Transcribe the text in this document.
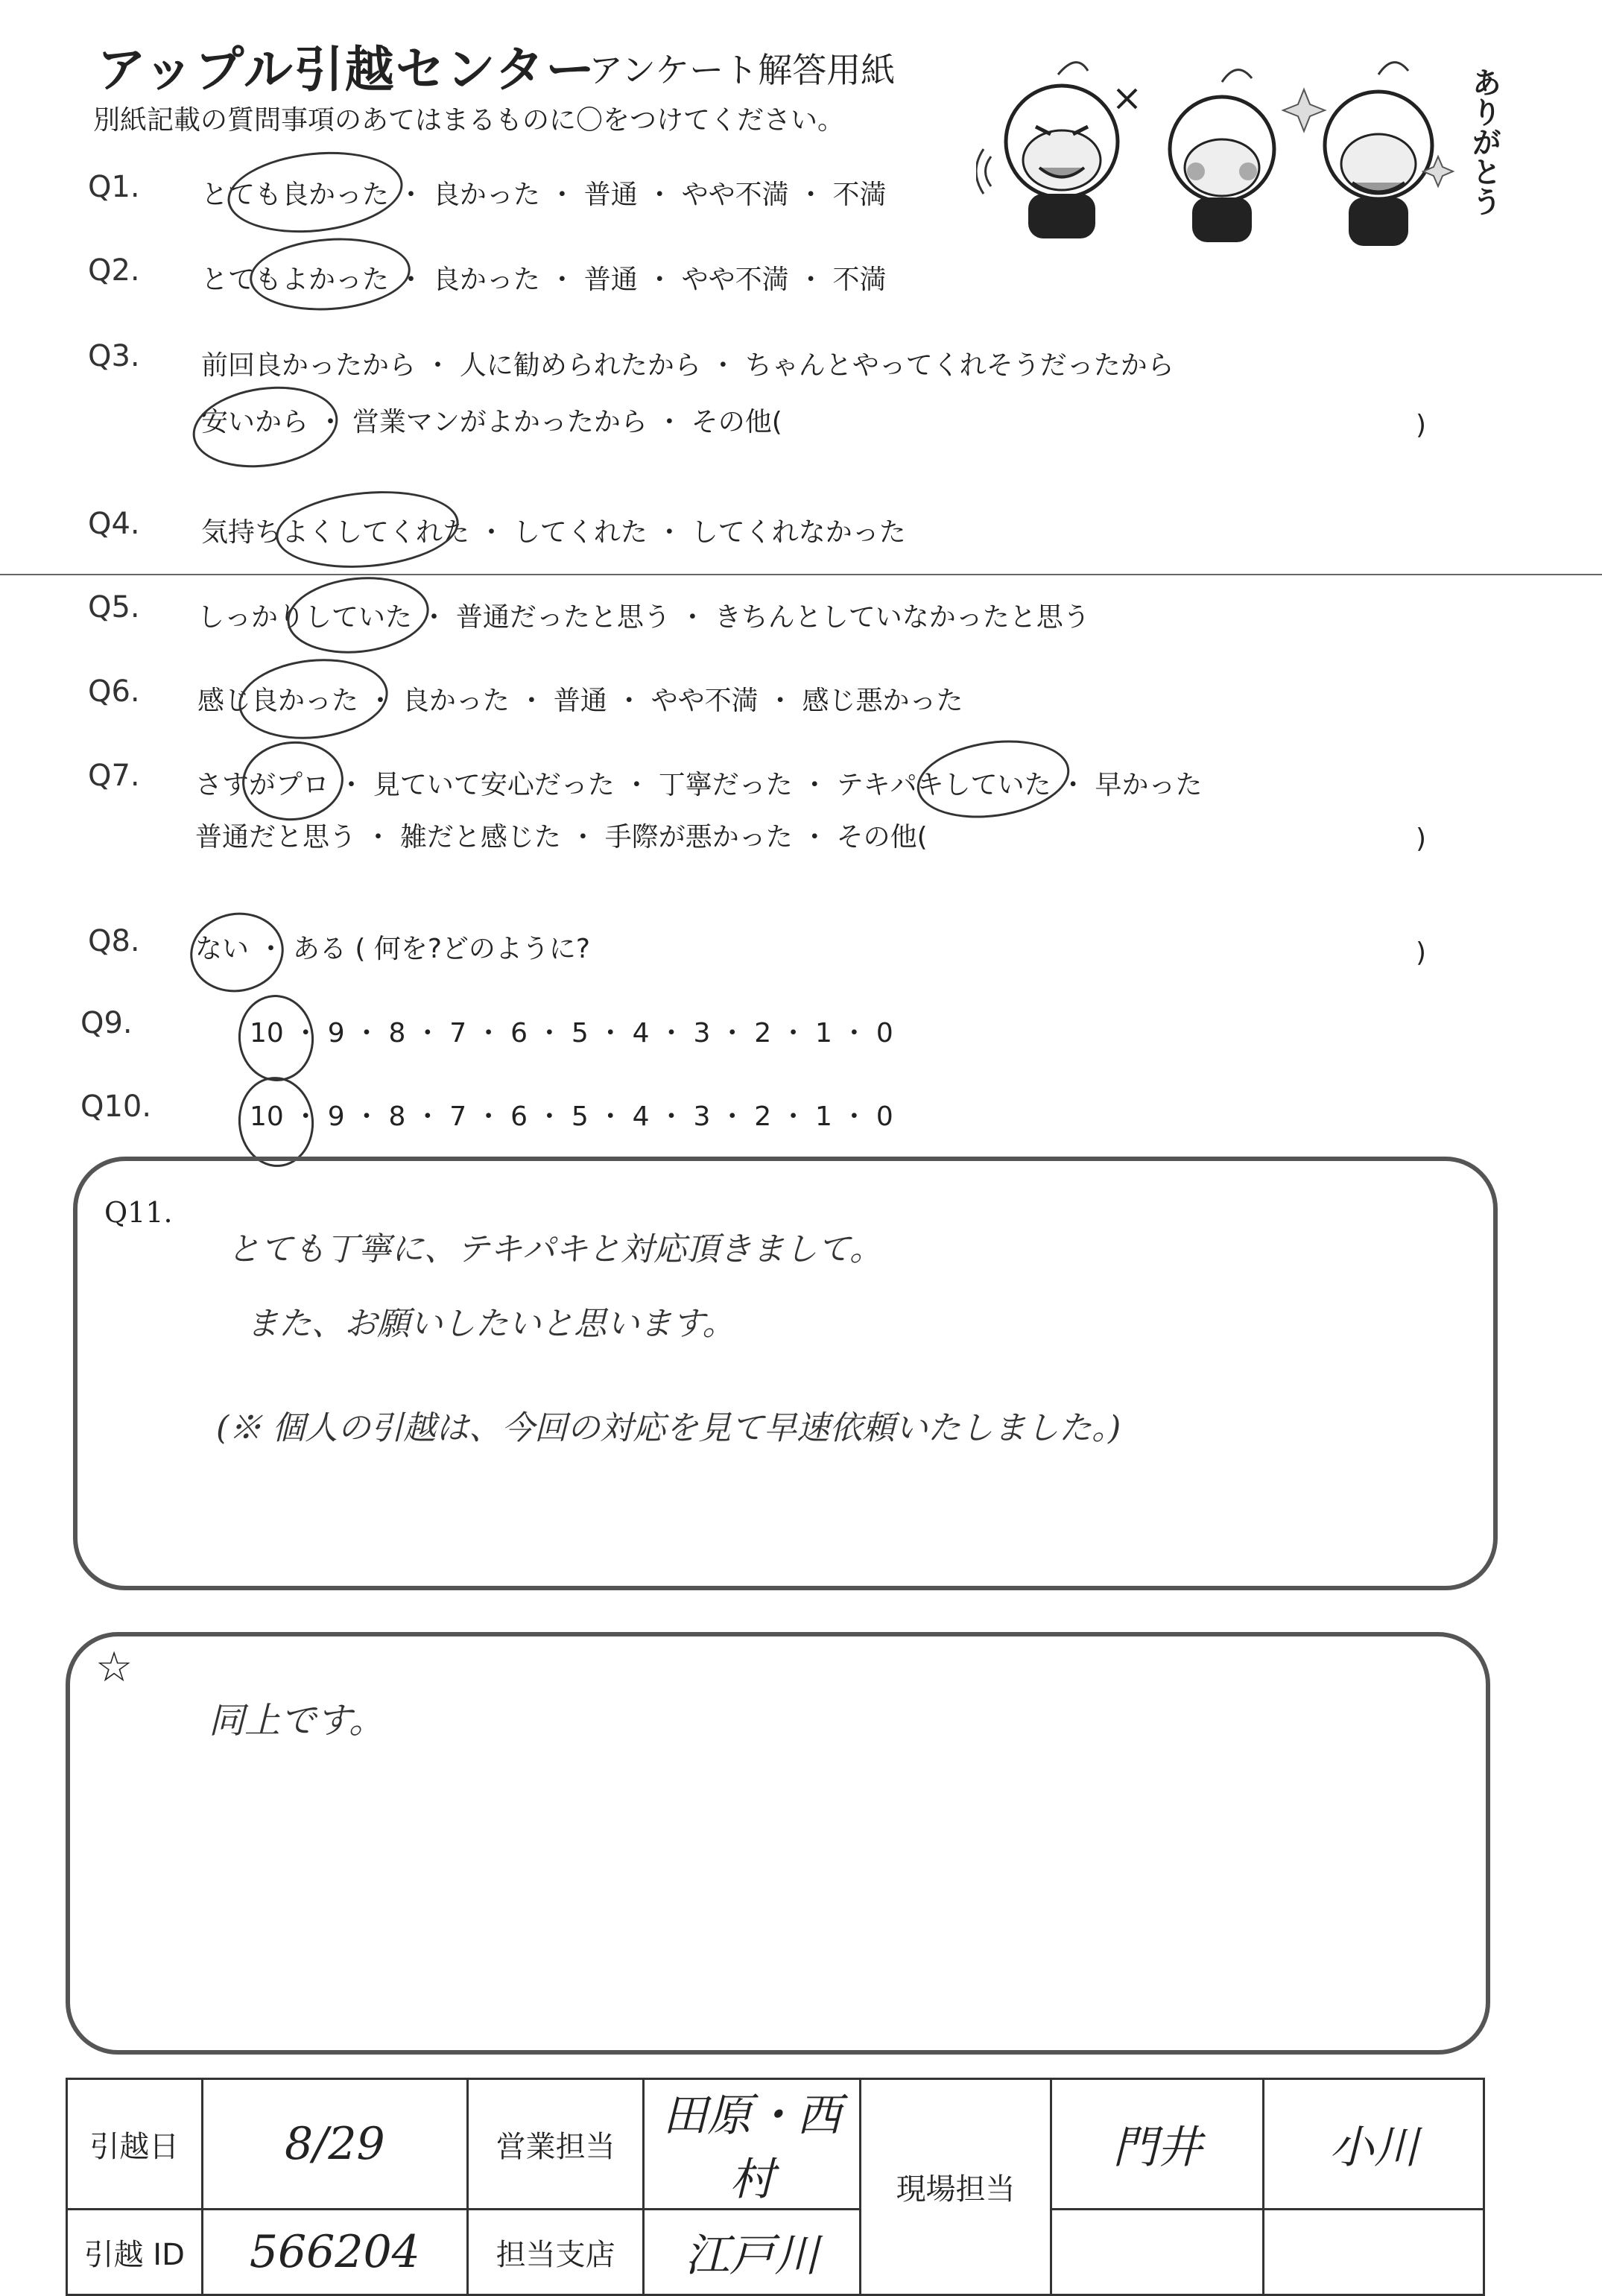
アップル引越センター
アンケート解答用紙
別紙記載の質問事項のあてはまるものに〇をつけてください。	ありがとう
Q1. とても良かった ・ 良かった ・ 普通 ・ やや不満 ・ 不満
Q2. とてもよかった ・ 良かった ・ 普通 ・ やや不満 ・ 不満
Q3. 前回良かったから ・ 人に勧められたから ・ ちゃんとやってくれそうだったから
安いから ・ 営業マンがよかったから ・ その他(	)
Q4. 気持ちよくしてくれた ・ してくれた ・ してくれなかった
Q5. しっかりしていた ・ 普通だったと思う ・ きちんとしていなかったと思う
Q6. 感じ良かった ・ 良かった ・ 普通 ・ やや不満 ・ 感じ悪かった
Q7. さすがプロ ・ 見ていて安心だった ・ 丁寧だった ・ テキパキしていた ・ 早かった
普通だと思う ・ 雑だと感じた ・ 手際が悪かった ・ その他(	)
Q8. ない ・ ある ( 何を?どのように?	)
Q9.	10 ・ 9 ・ 8 ・ 7 ・ 6 ・ 5 ・ 4 ・ 3 ・ 2 ・ 1 ・ 0
Q10.	10 ・ 9 ・ 8 ・ 7 ・ 6 ・ 5 ・ 4 ・ 3 ・ 2 ・ 1 ・ 0
Q11.
とても丁寧に、テキパキと対応頂きまして。
また、お願いしたいと思います。
(※ 個人の引越は、今回の対応を見て早速依頼いたしました。)
☆
同上です。
引越日	8/29	営業担当	田原・西村	現場担当	門井	小川
引越 ID	566204	担当支店	江戸川			
